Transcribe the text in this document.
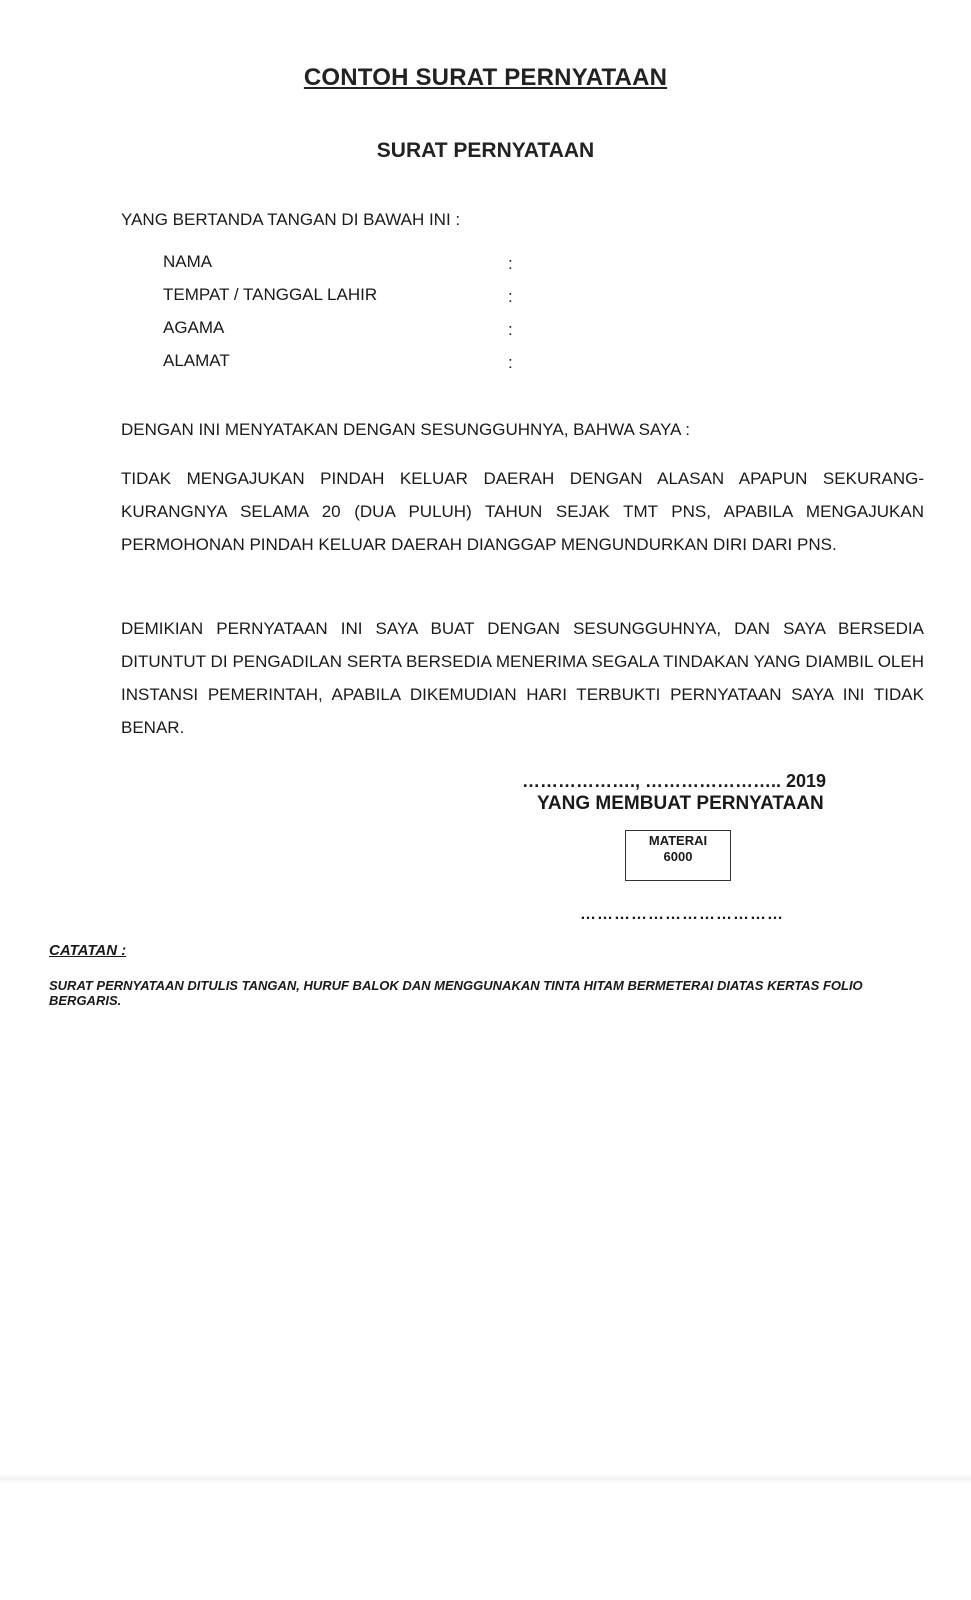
CONTOH SURAT PERNYATAAN
SURAT PERNYATAAN
YANG BERTANDA TANGAN DI BAWAH INI :
NAMA	:
TEMPAT / TANGGAL LAHIR	:
AGAMA	:
ALAMAT	:
DENGAN INI MENYATAKAN DENGAN SESUNGGUHNYA, BAHWA SAYA :
TIDAK MENGAJUKAN PINDAH KELUAR DAERAH DENGAN ALASAN APAPUN SEKURANG-KURANGNYA SELAMA 20 (DUA PULUH) TAHUN SEJAK TMT PNS, APABILA MENGAJUKAN PERMOHONAN PINDAH KELUAR DAERAH DIANGGAP MENGUNDURKAN DIRI DARI PNS.
DEMIKIAN PERNYATAAN INI SAYA BUAT DENGAN SESUNGGUHNYA, DAN SAYA BERSEDIA DITUNTUT DI PENGADILAN SERTA BERSEDIA MENERIMA SEGALA TINDAKAN YANG DIAMBIL OLEH INSTANSI PEMERINTAH, APABILA DIKEMUDIAN HARI TERBUKTI PERNYATAAN SAYA INI TIDAK BENAR.
………………., ………………….. 2019
YANG MEMBUAT PERNYATAAN
MATERAI
6000
………………………………
CATATAN :
SURAT PERNYATAAN DITULIS TANGAN, HURUF BALOK DAN MENGGUNAKAN TINTA HITAM BERMETERAI DIATAS KERTAS FOLIO BERGARIS.
